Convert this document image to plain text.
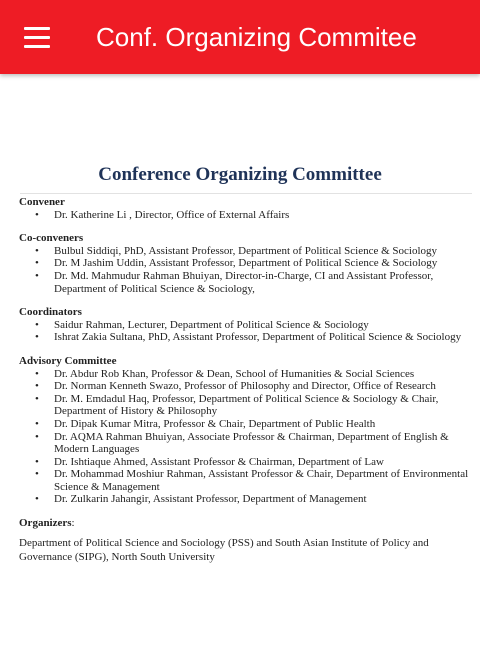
Conf. Organizing Commitee
Conference Organizing Committee
Convener
• Dr. Katherine Li , Director, Office of External Affairs
Co-conveners
• Bulbul Siddiqi, PhD, Assistant Professor, Department of Political Science & Sociology
• Dr. M Jashim Uddin, Assistant Professor, Department of Political Science & Sociology
• Dr. Md. Mahmudur Rahman Bhuiyan, Director-in-Charge, CI and Assistant Professor, Department of Political Science & Sociology,
Coordinators
• Saidur Rahman, Lecturer, Department of Political Science & Sociology
• Ishrat Zakia Sultana, PhD, Assistant Professor, Department of Political Science & Sociology
Advisory Committee
• Dr. Abdur Rob Khan, Professor & Dean, School of Humanities & Social Sciences
• Dr. Norman Kenneth Swazo, Professor of Philosophy and Director, Office of Research
• Dr. M. Emdadul Haq, Professor, Department of Political Science & Sociology & Chair, Department of History & Philosophy
• Dr. Dipak Kumar Mitra, Professor & Chair, Department of Public Health
• Dr. AQMA Rahman Bhuiyan, Associate Professor & Chairman, Department of English & Modern Languages
• Dr. Ishtiaque Ahmed, Assistant Professor & Chairman, Department of Law
• Dr. Mohammad Moshiur Rahman, Assistant Professor & Chair, Department of Environmental Science & Management
• Dr. Zulkarin Jahangir, Assistant Professor, Department of Management
Organizers:
Department of Political Science and Sociology (PSS) and South Asian Institute of Policy and Governance (SIPG), North South University
